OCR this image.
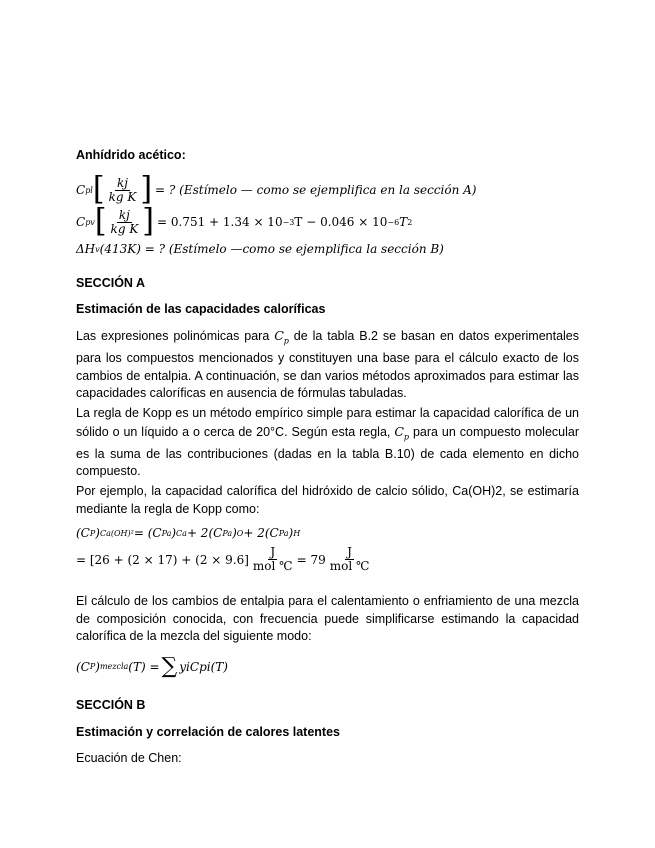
Anhídrido acético:
C pl [ $\frac{kj}{\text{kg K}}$ ] = ? (Estímelo — como se ejemplifica en la sección A)
C pv [ $\frac{kj}{\text{kg K}}$ ] = 0.751 + 1.34 × 10 −3 T − 0.046 × 10 −6 T 2
ΔH v (413K) = ? (Estímelo —como se ejemplifica la sección B)
SECCIÓN A
Estimación de las capacidades caloríficas
Las expresiones polinómicas para $C_p$ de la tabla B.2 se basan en datos experimentales para los compuestos mencionados y constituyen una base para el cálculo exacto de los cambios de entalpia. A continuación, se dan varios métodos aproximados para estimar las capacidades caloríficas en ausencia de fórmulas tabuladas.
La regla de Kopp es un método empírico simple para estimar la capacidad calorífica de un sólido o un líquido a o cerca de 20°C. Según esta regla, $C_p$ para un compuesto molecular es la suma de las contribuciones (dadas en la tabla B.10) de cada elemento en dicho compuesto.
Por ejemplo, la capacidad calorífica del hidróxido de calcio sólido, Ca(OH)2, se estimaría mediante la regla de Kopp como:
(C P ) Ca(OH)² = (C Pa ) Ca + 2(C Pa ) O + 2(C Pa ) H
= [$26 + (2 \times 17) + (2 \times 9.6] \frac{J}{\text{mol ℃}} = 79 \frac{J}{\text{mol ℃}}$
El cálculo de los cambios de entalpia para el calentamiento o enfriamiento de una mezcla de composición conocida, con frecuencia puede simplificarse estimando la capacidad calorífica de la mezcla del siguiente modo:
(C P ) mezcla (T) = ∑ yiCpi(T)
SECCIÓN B
Estimación y correlación de calores latentes
Ecuación de Chen:
